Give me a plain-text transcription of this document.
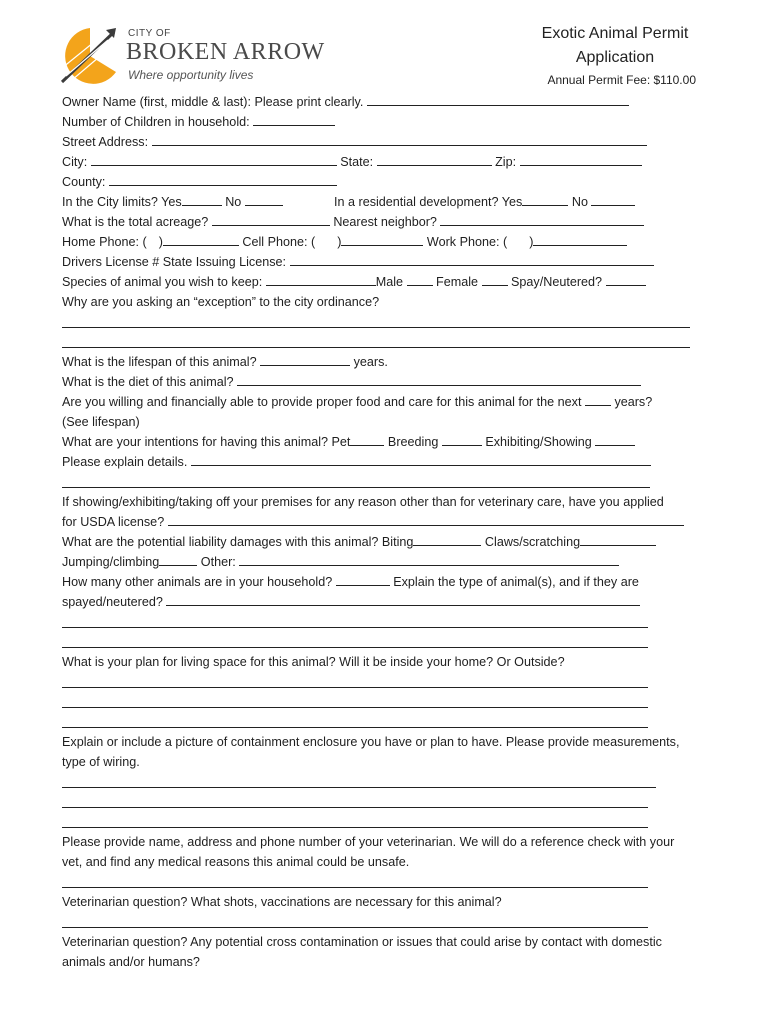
CITY OF
BROKEN ARROW
Where opportunity lives
Exotic Animal Permit
Application
Annual Permit Fee: $110.00
Owner Name (first, middle & last): Please print clearly.
Number of Children in household:
Street Address:
City:	State:	Zip:
County:
In the City limits? Yes	No	In a residential development? Yes	No
What is the total acreage?	Nearest neighbor?
Home Phone: ( )	Cell Phone: ( )	Work Phone: ( )
Drivers License # State Issuing License:
Species of animal you wish to keep:	Male	Female	Spay/Neutered?
Why are you asking an “exception” to the city ordinance?
What is the lifespan of this animal?	years.
What is the diet of this animal?
Are you willing and financially able to provide proper food and care for this animal for the next	years?
(See lifespan)
What are your intentions for having this animal? Pet	Breeding	Exhibiting/Showing
Please explain details.
If showing/exhibiting/taking off your premises for any reason other than for veterinary care, have you applied
for USDA license?
What are the potential liability damages with this animal? Biting	Claws/scratching
Jumping/climbing	Other:
How many other animals are in your household?	Explain the type of animal(s), and if they are
spayed/neutered?
What is your plan for living space for this animal? Will it be inside your home? Or Outside?
Explain or include a picture of containment enclosure you have or plan to have. Please provide measurements, type of wiring.
Please provide name, address and phone number of your veterinarian. We will do a reference check with your vet, and find any medical reasons this animal could be unsafe.
Veterinarian question? What shots, vaccinations are necessary for this animal?
Veterinarian question? Any potential cross contamination or issues that could arise by contact with domestic animals and/or humans?
